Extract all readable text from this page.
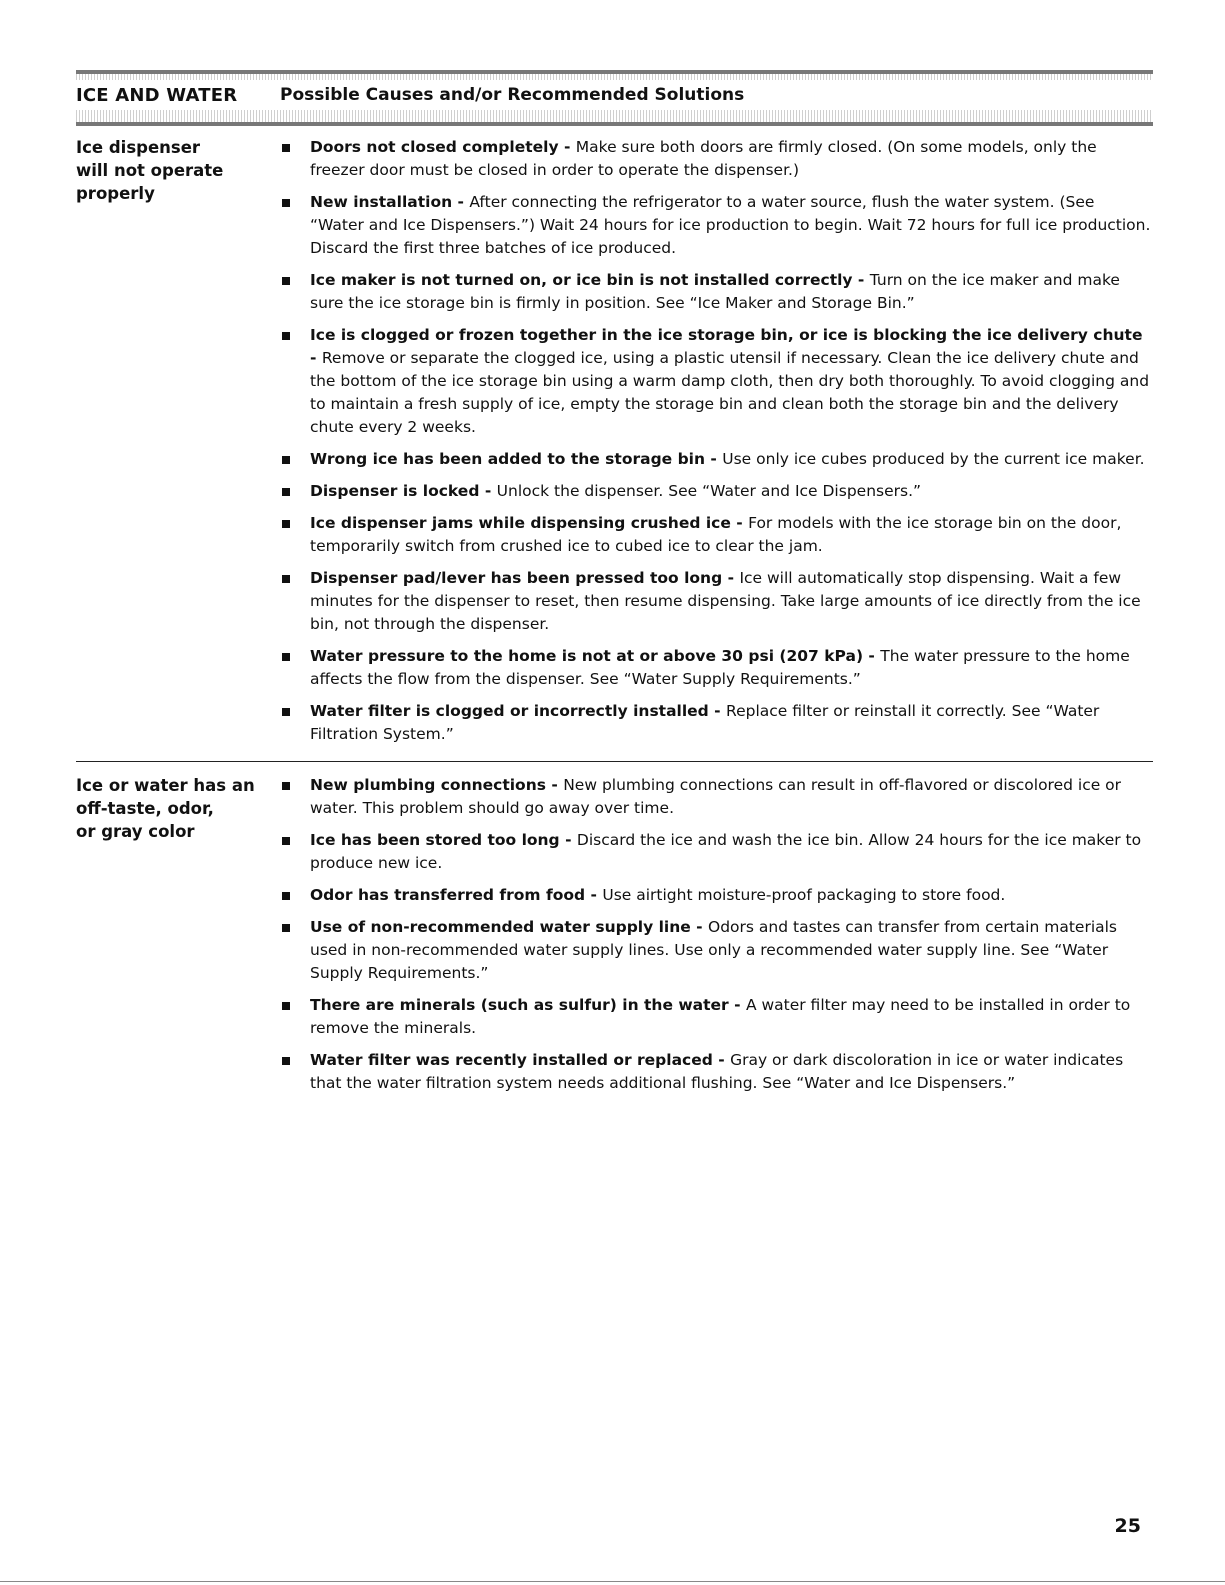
ICE AND WATER	Possible Causes and/or Recommended Solutions
Ice dispenser
will not operate
properly
Doors not closed completely - Make sure both doors are firmly closed. (On some models, only the freezer door must be closed in order to operate the dispenser.)
New installation - After connecting the refrigerator to a water source, flush the water system. (See “Water and Ice Dispensers.”) Wait 24 hours for ice production to begin. Wait 72 hours for full ice production. Discard the first three batches of ice produced.
Ice maker is not turned on, or ice bin is not installed correctly - Turn on the ice maker and make sure the ice storage bin is firmly in position. See “Ice Maker and Storage Bin.”
Ice is clogged or frozen together in the ice storage bin, or ice is blocking the ice delivery chute - Remove or separate the clogged ice, using a plastic utensil if necessary. Clean the ice delivery chute and the bottom of the ice storage bin using a warm damp cloth, then dry both thoroughly. To avoid clogging and to maintain a fresh supply of ice, empty the storage bin and clean both the storage bin and the delivery chute every 2 weeks.
Wrong ice has been added to the storage bin - Use only ice cubes produced by the current ice maker.
Dispenser is locked - Unlock the dispenser. See “Water and Ice Dispensers.”
Ice dispenser jams while dispensing crushed ice - For models with the ice storage bin on the door, temporarily switch from crushed ice to cubed ice to clear the jam.
Dispenser pad/lever has been pressed too long - Ice will automatically stop dispensing. Wait a few minutes for the dispenser to reset, then resume dispensing. Take large amounts of ice directly from the ice bin, not through the dispenser.
Water pressure to the home is not at or above 30 psi (207 kPa) - The water pressure to the home affects the flow from the dispenser. See “Water Supply Requirements.”
Water filter is clogged or incorrectly installed - Replace filter or reinstall it correctly. See “Water Filtration System.”
Ice or water has an
off-taste, odor,
or gray color
New plumbing connections - New plumbing connections can result in off-flavored or discolored ice or water. This problem should go away over time.
Ice has been stored too long - Discard the ice and wash the ice bin. Allow 24 hours for the ice maker to produce new ice.
Odor has transferred from food - Use airtight moisture-proof packaging to store food.
Use of non-recommended water supply line - Odors and tastes can transfer from certain materials used in non-recommended water supply lines. Use only a recommended water supply line. See “Water Supply Requirements.”
There are minerals (such as sulfur) in the water - A water filter may need to be installed in order to remove the minerals.
Water filter was recently installed or replaced - Gray or dark discoloration in ice or water indicates that the water filtration system needs additional flushing. See “Water and Ice Dispensers.”
25
